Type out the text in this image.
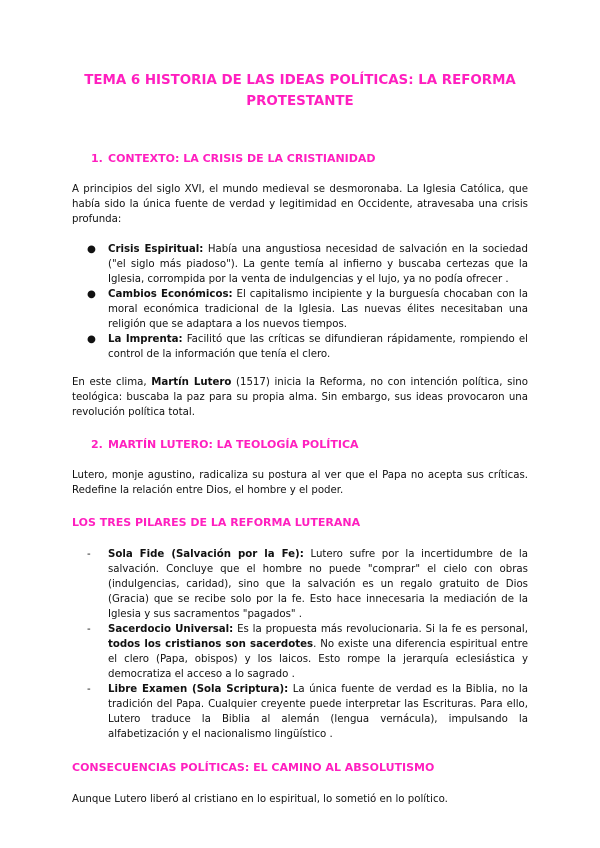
TEMA 6 HISTORIA DE LAS IDEAS POLÍTICAS: LA REFORMA
PROTESTANTE
1. CONTEXTO: LA CRISIS DE LA CRISTIANIDAD

A principios del siglo XVI, el mundo medieval se desmoronaba. La Iglesia Católica, que había sido la única fuente de verdad y legitimidad en Occidente, atravesaba una crisis profunda:

● Crisis Espiritual: Había una angustiosa necesidad de salvación en la sociedad ("el siglo más piadoso"). La gente temía al infierno y buscaba certezas que la Iglesia, corrompida por la venta de indulgencias y el lujo, ya no podía ofrecer .
● Cambios Económicos: El capitalismo incipiente y la burguesía chocaban con la moral económica tradicional de la Iglesia. Las nuevas élites necesitaban una religión que se adaptara a los nuevos tiempos.
● La Imprenta: Facilitó que las críticas se difundieran rápidamente, rompiendo el control de la información que tenía el clero.

En este clima, Martín Lutero (1517) inicia la Reforma, no con intención política, sino teológica: buscaba la paz para su propia alma. Sin embargo, sus ideas provocaron una revolución política total.

2. MARTÍN LUTERO: LA TEOLOGÍA POLÍTICA

Lutero, monje agustino, radicaliza su postura al ver que el Papa no acepta sus críticas. Redefine la relación entre Dios, el hombre y el poder.

LOS TRES PILARES DE LA REFORMA LUTERANA
- Sola Fide (Salvación por la Fe): Lutero sufre por la incertidumbre de la salvación. Concluye que el hombre no puede "comprar" el cielo con obras (indulgencias, caridad), sino que la salvación es un regalo gratuito de Dios (Gracia) que se recibe solo por la fe. Esto hace innecesaria la mediación de la Iglesia y sus sacramentos "pagados" .
- Sacerdocio Universal: Es la propuesta más revolucionaria. Si la fe es personal, todos los cristianos son sacerdotes. No existe una diferencia espiritual entre el clero (Papa, obispos) y los laicos. Esto rompe la jerarquía eclesiástica y democratiza el acceso a lo sagrado .
- Libre Examen (Sola Scriptura): La única fuente de verdad es la Biblia, no la tradición del Papa. Cualquier creyente puede interpretar las Escrituras. Para ello, Lutero traduce la Biblia al alemán (lengua vernácula), impulsando la alfabetización y el nacionalismo lingüístico .
CONSECUENCIAS POLÍTICAS: EL CAMINO AL ABSOLUTISMO

Aunque Lutero liberó al cristiano en lo espiritual, lo sometió en lo político.
